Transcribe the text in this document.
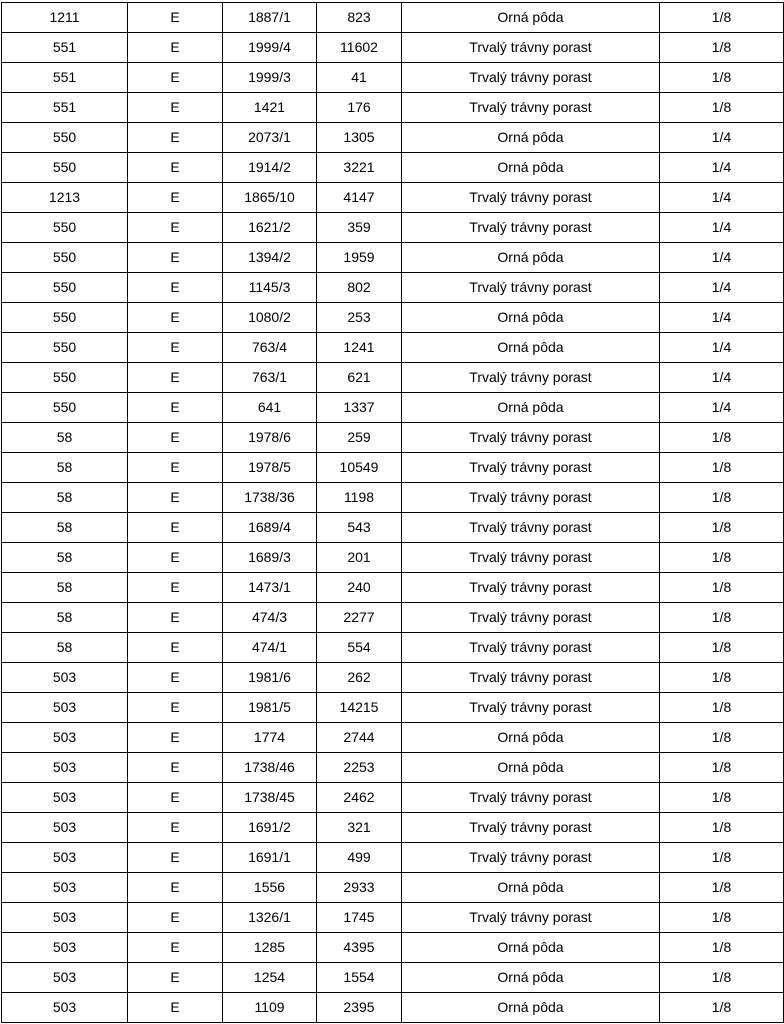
1211	E	1887/1	823	Orná pôda	1/8
551	E	1999/4	11602	Trvalý trávny porast	1/8
551	E	1999/3	41	Trvalý trávny porast	1/8
551	E	1421	176	Trvalý trávny porast	1/8
550	E	2073/1	1305	Orná pôda	1/4
550	E	1914/2	3221	Orná pôda	1/4
1213	E	1865/10	4147	Trvalý trávny porast	1/4
550	E	1621/2	359	Trvalý trávny porast	1/4
550	E	1394/2	1959	Orná pôda	1/4
550	E	1145/3	802	Trvalý trávny porast	1/4
550	E	1080/2	253	Orná pôda	1/4
550	E	763/4	1241	Orná pôda	1/4
550	E	763/1	621	Trvalý trávny porast	1/4
550	E	641	1337	Orná pôda	1/4
58	E	1978/6	259	Trvalý trávny porast	1/8
58	E	1978/5	10549	Trvalý trávny porast	1/8
58	E	1738/36	1198	Trvalý trávny porast	1/8
58	E	1689/4	543	Trvalý trávny porast	1/8
58	E	1689/3	201	Trvalý trávny porast	1/8
58	E	1473/1	240	Trvalý trávny porast	1/8
58	E	474/3	2277	Trvalý trávny porast	1/8
58	E	474/1	554	Trvalý trávny porast	1/8
503	E	1981/6	262	Trvalý trávny porast	1/8
503	E	1981/5	14215	Trvalý trávny porast	1/8
503	E	1774	2744	Orná pôda	1/8
503	E	1738/46	2253	Orná pôda	1/8
503	E	1738/45	2462	Trvalý trávny porast	1/8
503	E	1691/2	321	Trvalý trávny porast	1/8
503	E	1691/1	499	Trvalý trávny porast	1/8
503	E	1556	2933	Orná pôda	1/8
503	E	1326/1	1745	Trvalý trávny porast	1/8
503	E	1285	4395	Orná pôda	1/8
503	E	1254	1554	Orná pôda	1/8
503	E	1109	2395	Orná pôda	1/8
